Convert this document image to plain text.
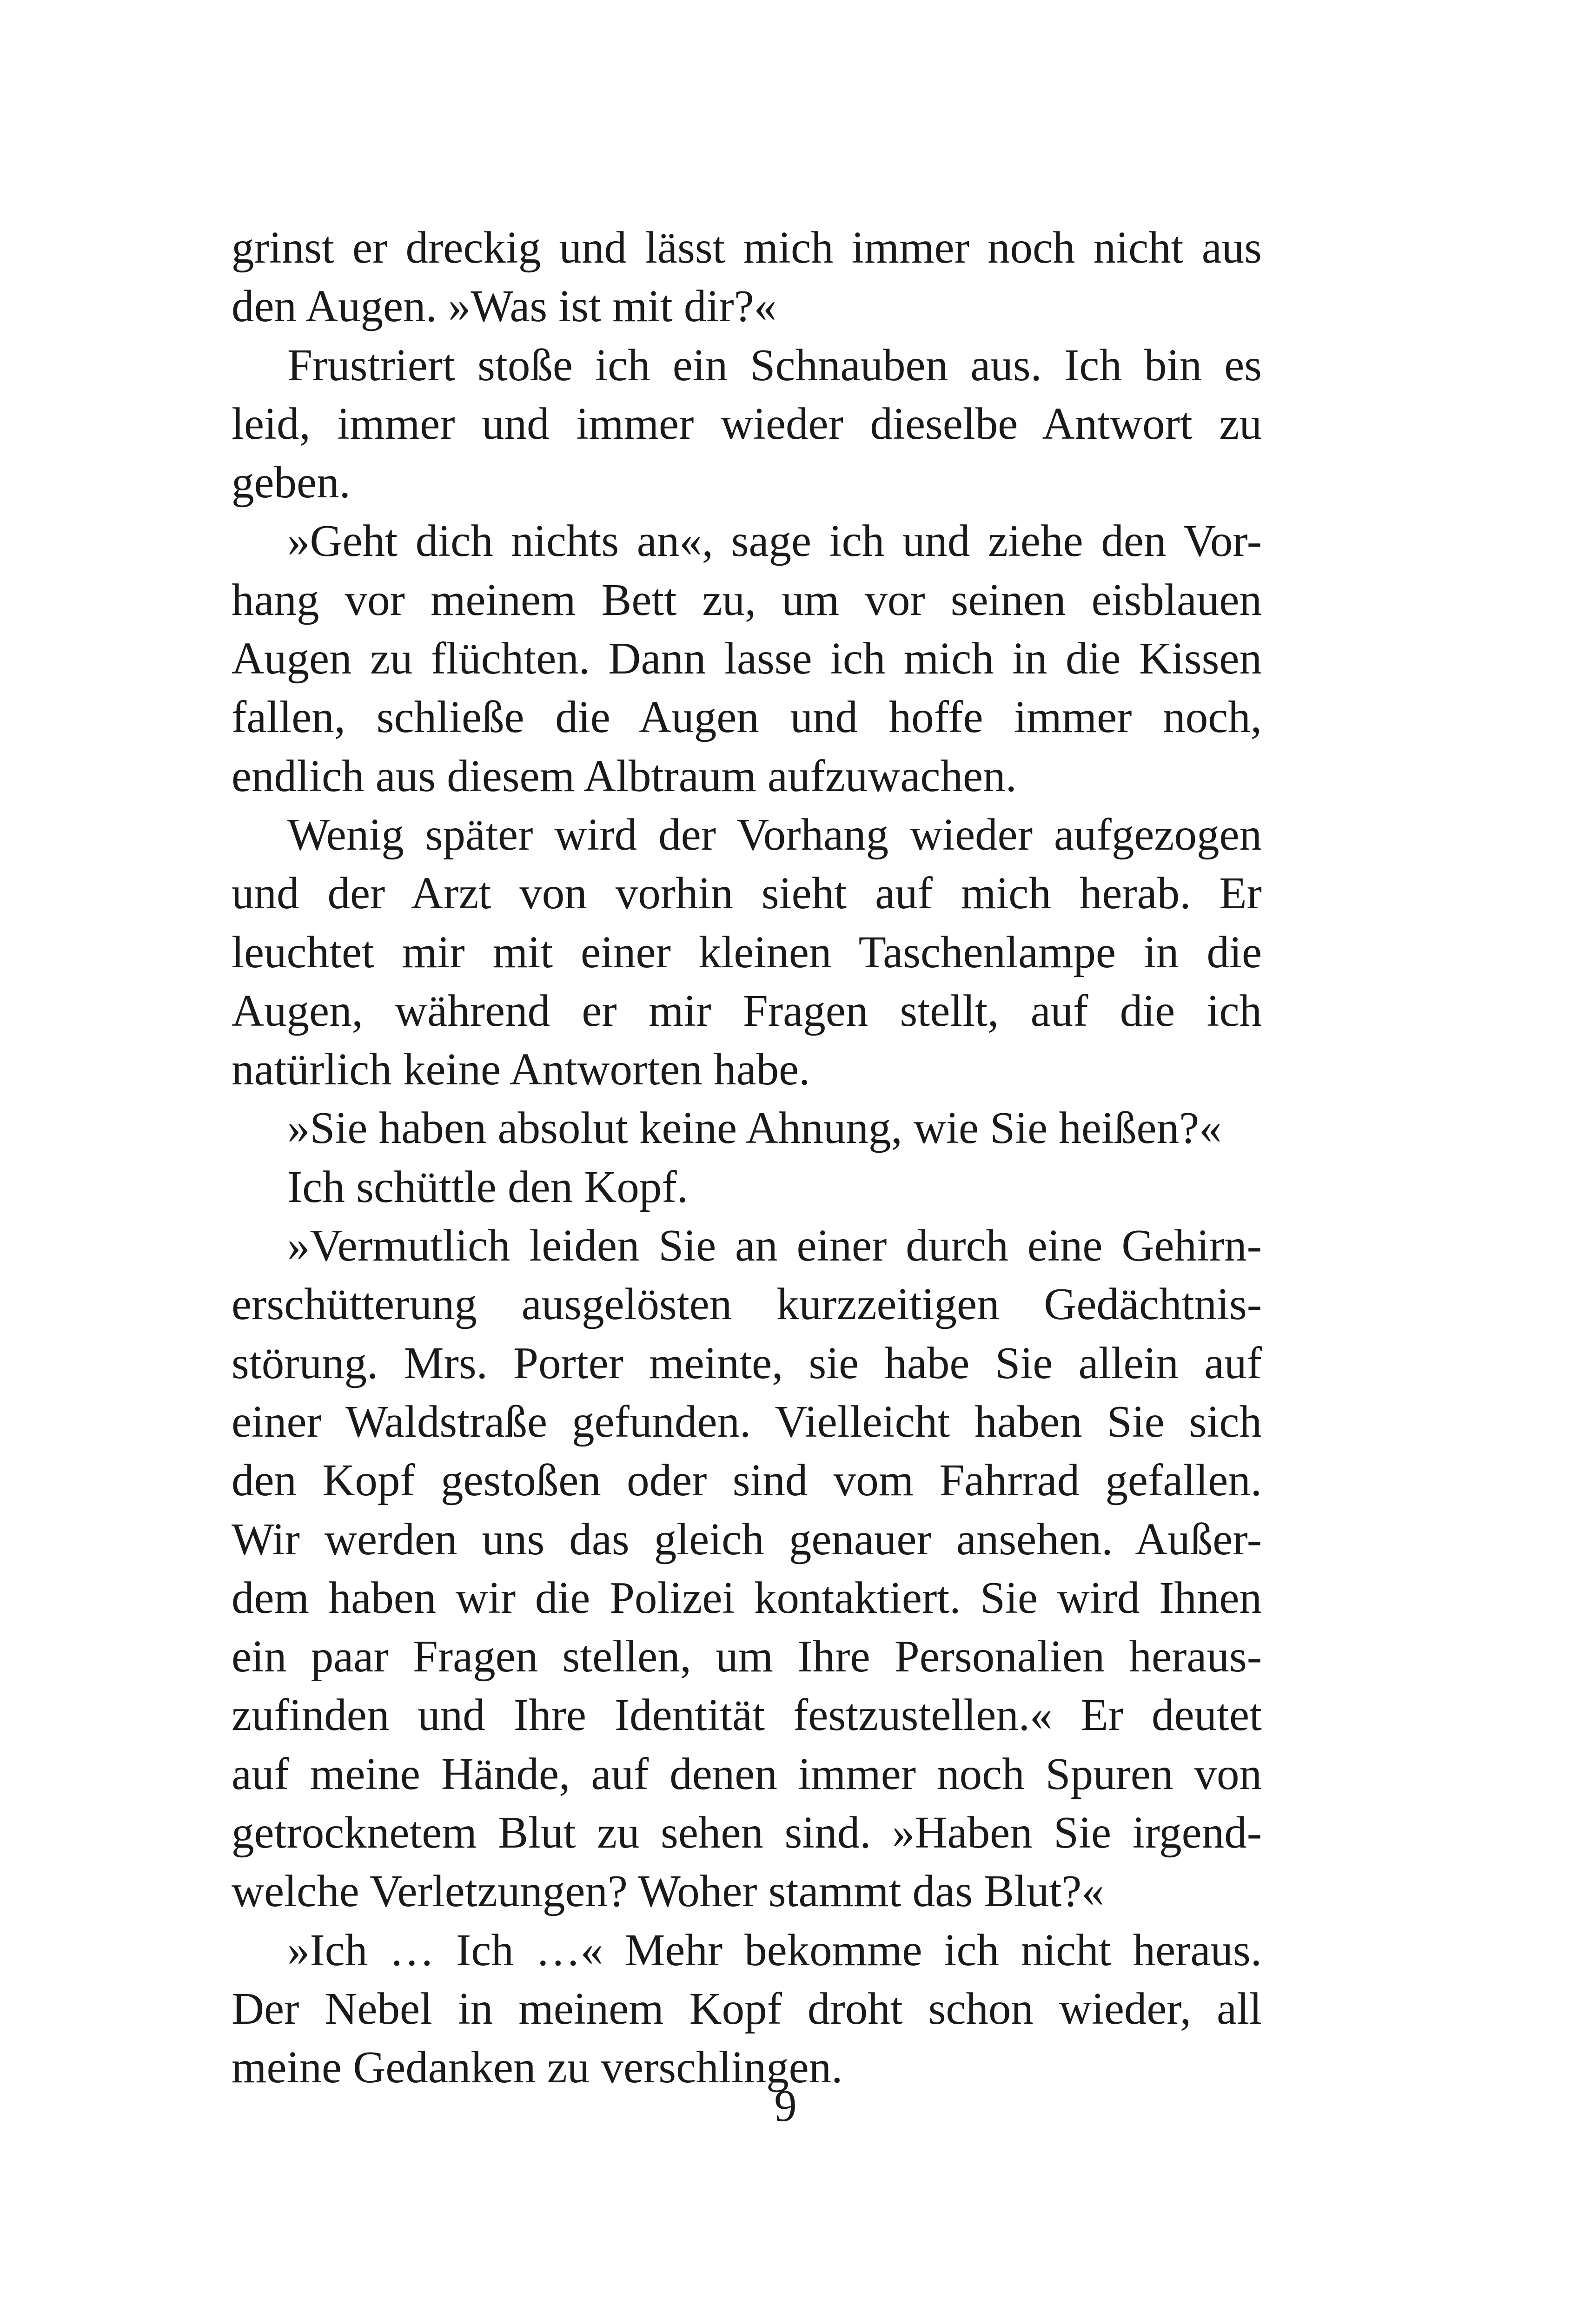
grinst er dreckig und lässt mich immer noch nicht aus
den Augen. »Was ist mit dir?«
Frustriert stoße ich ein Schnauben aus. Ich bin es
leid, immer und immer wieder dieselbe Antwort zu
geben.
»Geht dich nichts an«, sage ich und ziehe den Vor-
hang vor meinem Bett zu, um vor seinen eisblauen
Augen zu flüchten. Dann lasse ich mich in die Kissen
fallen, schließe die Augen und hoffe immer noch,
endlich aus diesem Albtraum aufzuwachen.
Wenig später wird der Vorhang wieder aufgezogen
und der Arzt von vorhin sieht auf mich herab. Er
leuchtet mir mit einer kleinen Taschenlampe in die
Augen, während er mir Fragen stellt, auf die ich
natürlich keine Antworten habe.
»Sie haben absolut keine Ahnung, wie Sie heißen?«
Ich schüttle den Kopf.
»Vermutlich leiden Sie an einer durch eine Gehirn-
erschütterung ausgelösten kurzzeitigen Gedächtnis-
störung. Mrs. Porter meinte, sie habe Sie allein auf
einer Waldstraße gefunden. Vielleicht haben Sie sich
den Kopf gestoßen oder sind vom Fahrrad gefallen.
Wir werden uns das gleich genauer ansehen. Außer-
dem haben wir die Polizei kontaktiert. Sie wird Ihnen
ein paar Fragen stellen, um Ihre Personalien heraus-
zufinden und Ihre Identität festzustellen.« Er deutet
auf meine Hände, auf denen immer noch Spuren von
getrocknetem Blut zu sehen sind. »Haben Sie irgend-
welche Verletzungen? Woher stammt das Blut?«
»Ich … Ich …« Mehr bekomme ich nicht heraus.
Der Nebel in meinem Kopf droht schon wieder, all
meine Gedanken zu verschlingen.
9
